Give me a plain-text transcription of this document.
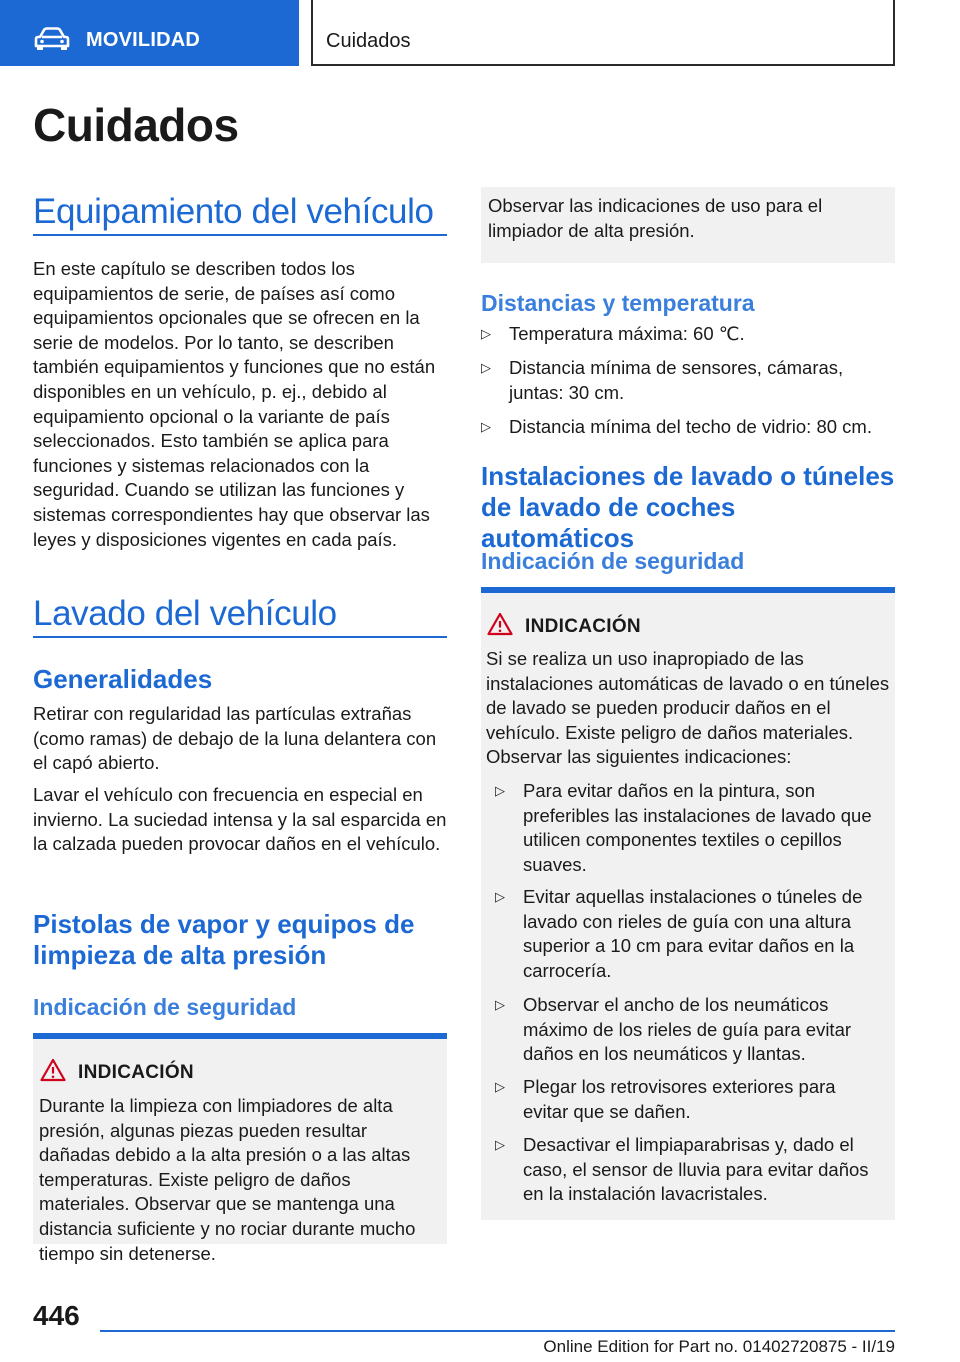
MOVILIDAD	Cuidados
Cuidados
Equipamiento del vehículo

En este capítulo se describen todos los equipamientos de serie, de países así como equipamientos opcionales que se ofrecen en la serie de modelos. Por lo tanto, se describen también equipamientos y funciones que no están disponibles en un vehículo, p. ej., debido al equipamiento opcional o la variante de país seleccionados. Esto también se aplica para funciones y sistemas relacionados con la seguridad. Cuando se utilizan las funciones y sistemas correspondientes hay que observar las leyes y disposiciones vigentes en cada país.

Lavado del vehículo
Generalidades

Retirar con regularidad las partículas extrañas (como ramas) de debajo de la luna delantera con el capó abierto.

Lavar el vehículo con frecuencia en especial en invierno. La suciedad intensa y la sal esparcida en la calzada pueden provocar daños en el vehículo.

Pistolas de vapor y equipos de limpieza de alta presión
Indicación de seguridad
INDICACIÓN

Durante la limpieza con limpiadores de alta presión, algunas piezas pueden resultar dañadas debido a la alta presión o a las altas temperaturas. Existe peligro de daños materiales. Observar que se mantenga una distancia suficiente y no rociar durante mucho tiempo sin detenerse.

Observar las indicaciones de uso para el limpiador de alta presión.

Distancias y temperatura
▷ Temperatura máxima: 60 ℃.
▷ Distancia mínima de sensores, cámaras, juntas: 30 cm.
▷ Distancia mínima del techo de vidrio: 80 cm.
Instalaciones de lavado o túneles de lavado de coches automáticos
Indicación de seguridad
INDICACIÓN

Si se realiza un uso inapropiado de las instalaciones automáticas de lavado o en túneles de lavado se pueden producir daños en el vehículo. Existe peligro de daños materiales. Observar las siguientes indicaciones:

▷ Para evitar daños en la pintura, son preferibles las instalaciones de lavado que utilicen componentes textiles o cepillos suaves.
▷ Evitar aquellas instalaciones o túneles de lavado con rieles de guía con una altura superior a 10 cm para evitar daños en la carrocería.
▷ Observar el ancho de los neumáticos máximo de los rieles de guía para evitar daños en los neumáticos y llantas.
▷ Plegar los retrovisores exteriores para evitar que se dañen.
▷ Desactivar el limpiaparabrisas y, dado el caso, el sensor de lluvia para evitar daños en la instalación lavacristales.
446
Online Edition for Part no. 01402720875 - II/19
